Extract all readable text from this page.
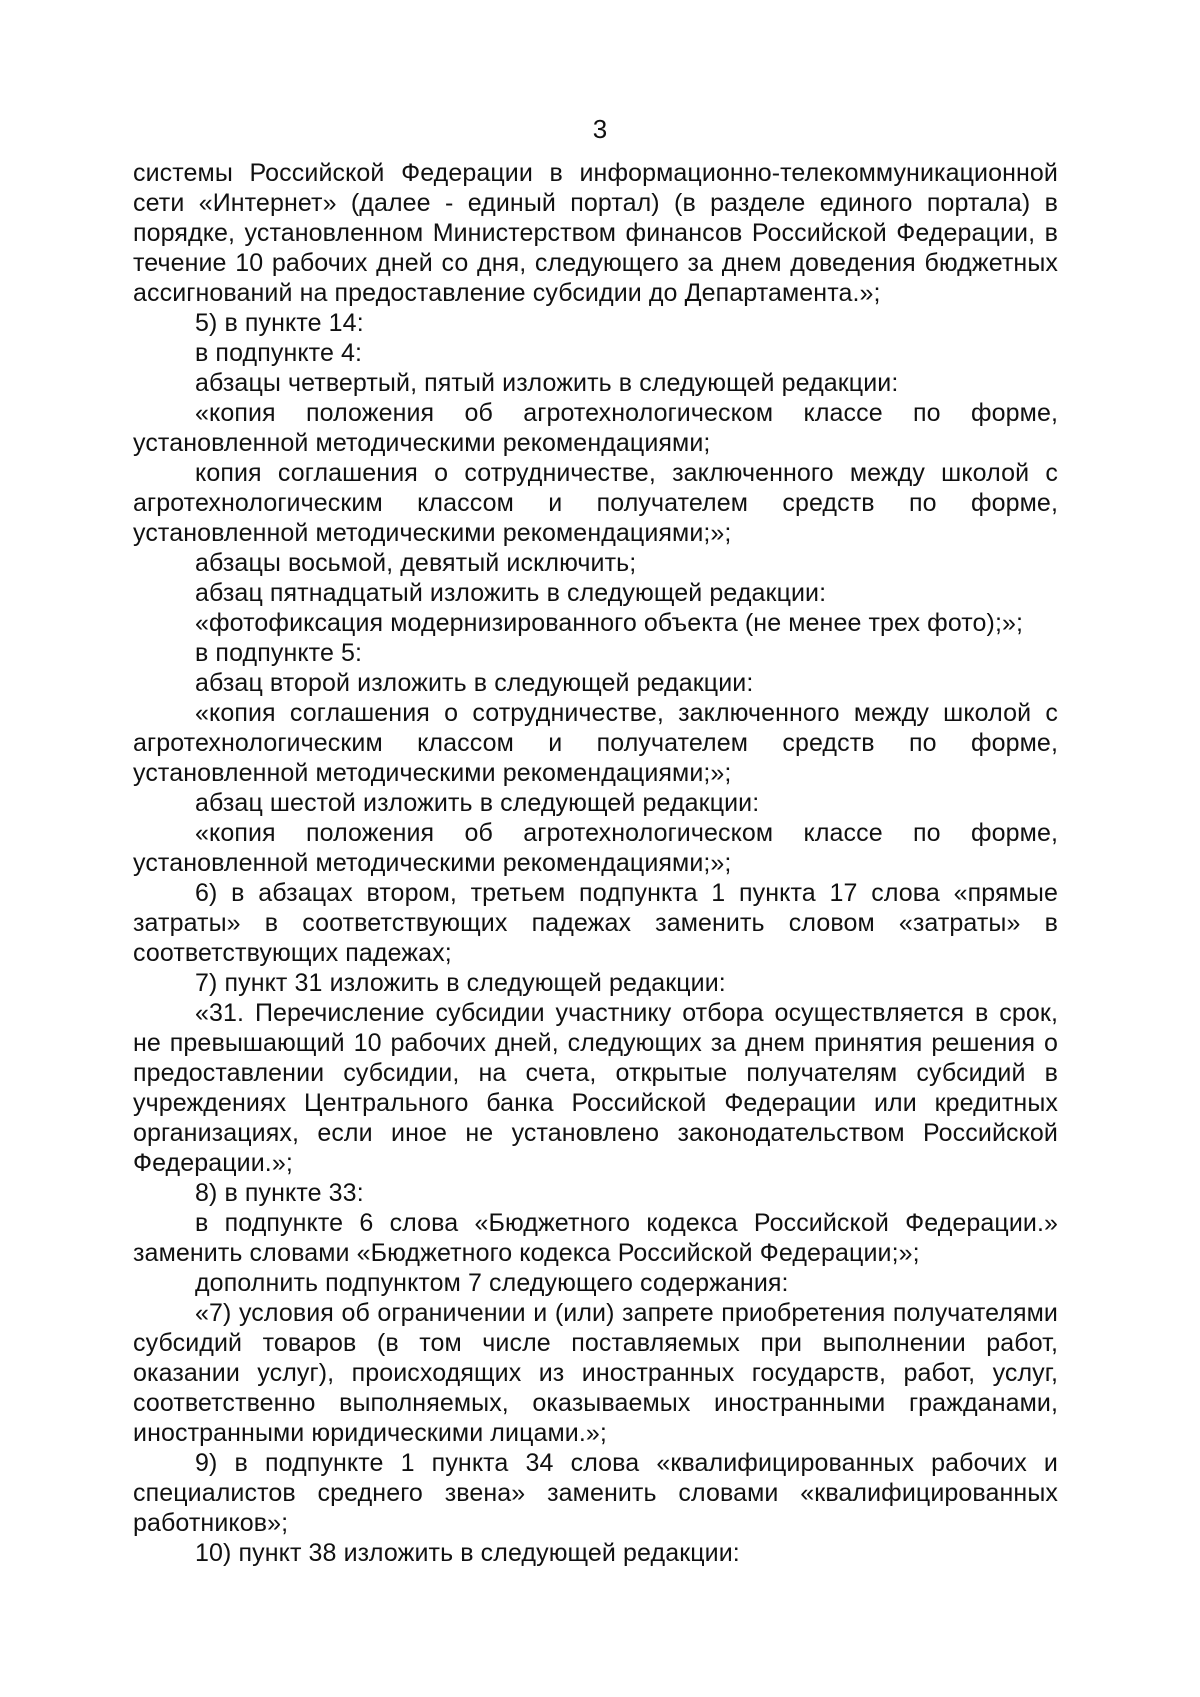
3

системы Российской Федерации в информационно-телекоммуникационной сети «Интернет» (далее - единый портал) (в разделе единого портала) в порядке, установленном Министерством финансов Российской Федерации, в течение 10 рабочих дней со дня, следующего за днем доведения бюджетных ассигнований на предоставление субсидии до Департамента.»;

5) в пункте 14:

в подпункте 4:

абзацы четвертый, пятый изложить в следующей редакции:

«копия положения об агротехнологическом классе по форме, установленной методическими рекомендациями;

копия соглашения о сотрудничестве, заключенного между школой с агротехнологическим классом и получателем средств по форме, установленной методическими рекомендациями;»;

абзацы восьмой, девятый исключить;

абзац пятнадцатый изложить в следующей редакции:

«фотофиксация модернизированного объекта (не менее трех фото);»;

в подпункте 5:

абзац второй изложить в следующей редакции:

«копия соглашения о сотрудничестве, заключенного между школой с агротехнологическим классом и получателем средств по форме, установленной методическими рекомендациями;»;

абзац шестой изложить в следующей редакции:

«копия положения об агротехнологическом классе по форме, установленной методическими рекомендациями;»;

6) в абзацах втором, третьем подпункта 1 пункта 17 слова «прямые затраты» в соответствующих падежах заменить словом «затраты» в соответствующих падежах;

7) пункт 31 изложить в следующей редакции:

«31. Перечисление субсидии участнику отбора осуществляется в срок, не превышающий 10 рабочих дней, следующих за днем принятия решения о предоставлении субсидии, на счета, открытые получателям субсидий в учреждениях Центрального банка Российской Федерации или кредитных организациях, если иное не установлено законодательством Российской Федерации.»;

8) в пункте 33:

в подпункте 6 слова «Бюджетного кодекса Российской Федерации.» заменить словами «Бюджетного кодекса Российской Федерации;»;

дополнить подпунктом 7 следующего содержания:

«7) условия об ограничении и (или) запрете приобретения получателями субсидий товаров (в том числе поставляемых при выполнении работ, оказании услуг), происходящих из иностранных государств, работ, услуг, соответственно выполняемых, оказываемых иностранными гражданами, иностранными юридическими лицами.»;

9) в подпункте 1 пункта 34 слова «квалифицированных рабочих и специалистов среднего звена» заменить словами «квалифицированных работников»;

10) пункт 38 изложить в следующей редакции:
